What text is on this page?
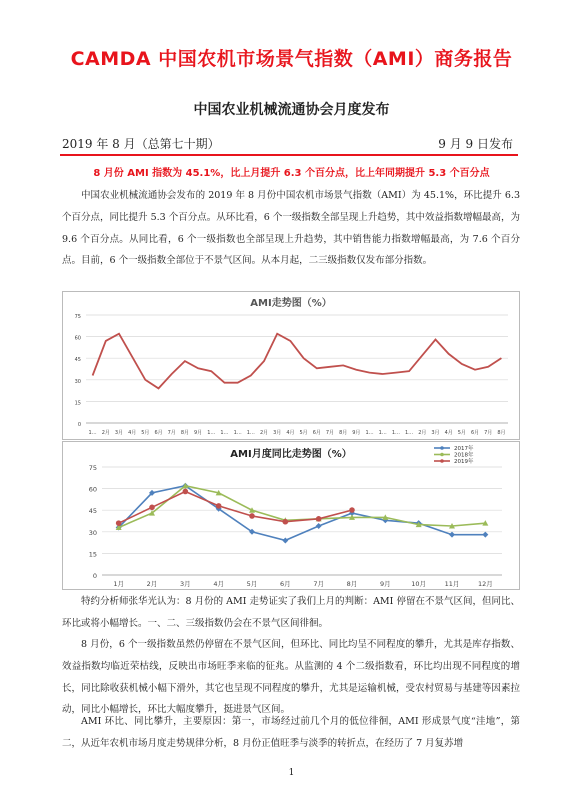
CAMDA 中国农机市场景气指数（AMI）商务报告
中国农业机械流通协会月度发布
2019 年 8 月（总第七十期）	9 月 9 日发布
8 月份 AMI 指数为 45.1%，比上月提升 6.3 个百分点，比上年同期提升 5.3 个百分点
中国农业机械流通协会发布的 2019 年 8 月份中国农机市场景气指数（AMI）为 45.1%，环比提升 6.3 个百分点，同比提升 5.3 个百分点。从环比看，6 个一级指数全部呈现上升趋势，其中效益指数增幅最高，为 9.6 个百分点。从同比看，6 个一级指数也全部呈现上升趋势，其中销售能力指数增幅最高，为 7.6 个百分点。目前，6 个一级指数全部位于不景气区间。从本月起，二三级指数仅发布部分指数。
AMI走势图（%）
0
15
30
45
60
75
1… 2月 3月 4月 5月 6月 7月 8月 9月 1… 1… 1… 1… 2月 3月 4月 5月 6月 7月 8月 9月 1… 1… 1… 1… 2月 3月 4月 5月 6月 7月 8月
AMI月度同比走势图（%）
0
15
30
45
60
75
1月	2月	3月	4月	5月	6月	7月	8月	9月	10月	11月	12月
2017年
2018年
2019年
特约分析师张华光认为：8 月份的 AMI 走势证实了我们上月的判断：AMI 停留在不景气区间，但同比、环比或将小幅增长。一、二、三级指数仍会在不景气区间徘徊。
8 月份，6 个一级指数虽然仍停留在不景气区间，但环比、同比均呈不同程度的攀升，尤其是库存指数、效益指数均临近荣枯线，反映出市场旺季来临的征兆。从监测的 4 个二级指数看，环比均出现不同程度的增长，同比除收获机械小幅下滑外，其它也呈现不同程度的攀升，尤其是运输机械，受农村贸易与基建等因素拉动，同比小幅增长，环比大幅度攀升，挺进景气区间。
AMI 环比、同比攀升，主要原因：第一，市场经过前几个月的低位徘徊，AMI 形成景气度“洼地”，第二，从近年农机市场月度走势规律分析，8 月份正值旺季与淡季的转折点，在经历了 7 月复苏增
1
